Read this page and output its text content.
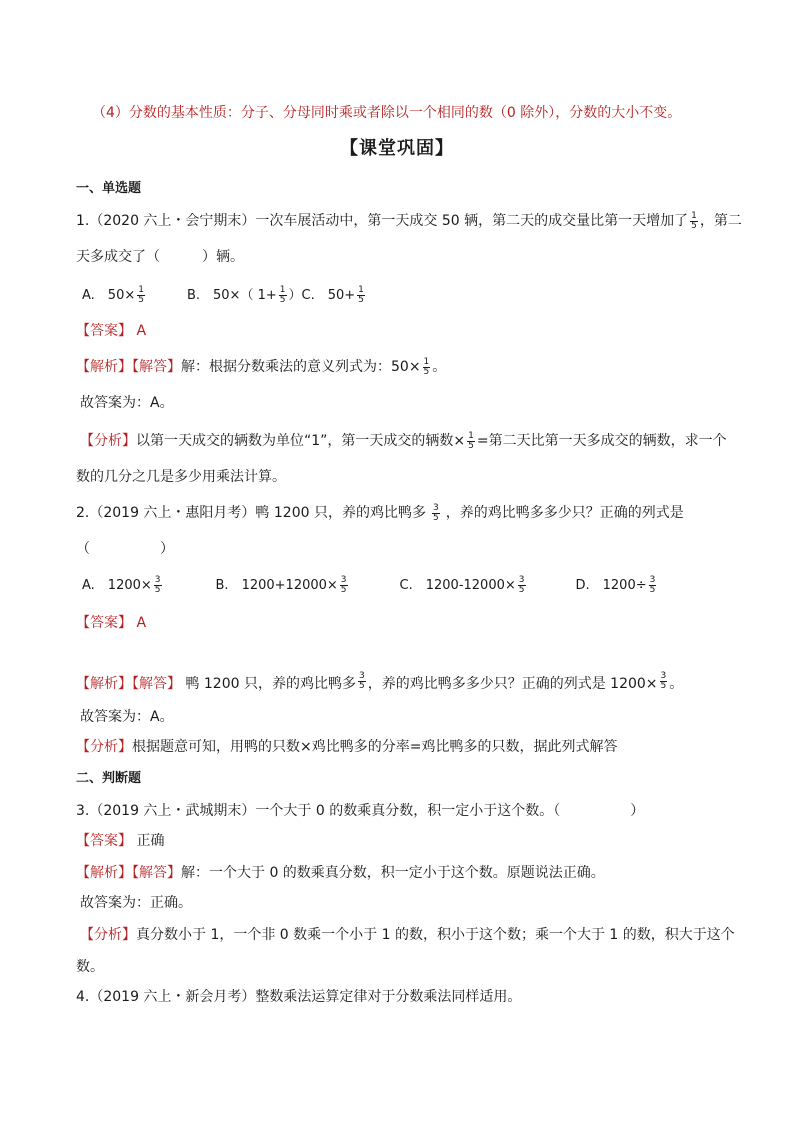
（4）分数的基本性质：分子、分母同时乘或者除以一个相同的数（0 除外），分数的大小不变。
【课堂巩固】
一、单选题
1.（2020 六上・会宁期末）一次车展活动中，第一天成交 50 辆，第二天的成交量比第一天增加了 $\frac{1}{5}$ ，第二
天多成交了（　　　）辆。
A.　$50\times \frac{1}{5}$	B.　50×（ $1+ \frac{1}{5} )C$.　$50+ \frac{1}{5}$
【答案】 A
【解析】【解答】解：根据分数乘法的意义列式为：$50\times \frac{1}{5}$ 。
故答案为：A。
【分析】以第一天成交的辆数为单位“1”，第一天成交的辆数× $\frac{1}{5}$ =第二天比第一天多成交的辆数，求一个
数的几分之几是多少用乘法计算。
2.（2019 六上・惠阳月考）鸭 1200 只，养的鸡比鸭多 $\frac{3}{5}$ ，养的鸡比鸭多多少只？正确的列式是
（　　　　　）
A.　$1200\times \frac{3}{5}$	B.　$1200+12000\times \frac{3}{5}$	C.　$1200-12000\times \frac{3}{5}$	D.　$1200\div \frac{3}{5}$
【答案】 A
【解析】【解答】 鸭 1200 只，养的鸡比鸭多 $\frac{3}{5}$ ，养的鸡比鸭多多少只？正确的列式是 $1200\times \frac{3}{5}$ 。
故答案为：A。
【分析】根据题意可知，用鸭的只数×鸡比鸭多的分率=鸡比鸭多的只数，据此列式解答
二、判断题
3.（2019 六上・武城期末）一个大于 0 的数乘真分数，积一定小于这个数。（　　　　　）
【答案】 正确
【解析】【解答】解：一个大于 0 的数乘真分数，积一定小于这个数。原题说法正确。
故答案为：正确。
【分析】真分数小于 1，一个非 0 数乘一个小于 1 的数，积小于这个数；乘一个大于 1 的数，积大于这个
数。
4.（2019 六上・新会月考）整数乘法运算定律对于分数乘法同样适用。
